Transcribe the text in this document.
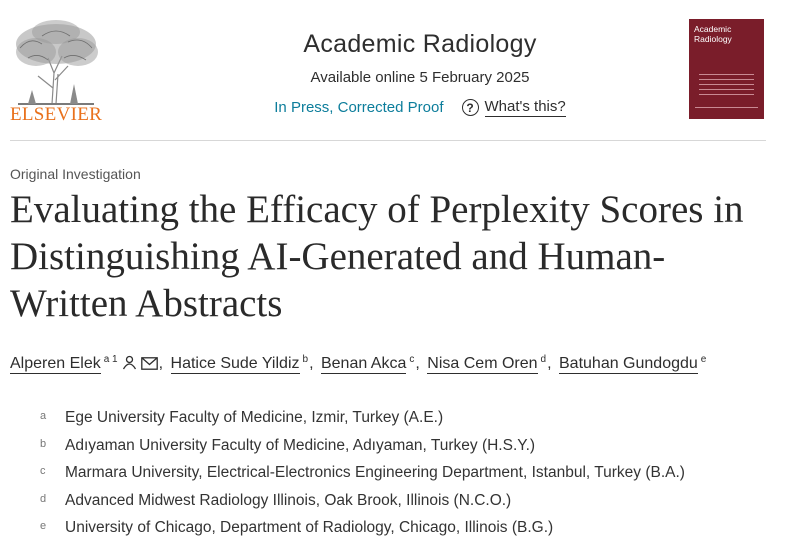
ELSEVIER
Academic Radiology
Available online 5 February 2025
In Press, Corrected Proof	? What's this?
Academic Radiology
Original Investigation
Evaluating the Efficacy of Perplexity Scores in Distinguishing AI-Generated and Human-Written Abstracts
Alperen Elek $^{a 1}$	, Hatice Sude Yildiz $^b$, Benan Akca $^c$, Nisa Cem Oren $^d$, Batuhan Gundogdu $^e$
a	Ege University Faculty of Medicine, Izmir, Turkey (A.E.)
b	Adıyaman University Faculty of Medicine, Adıyaman, Turkey (H.S.Y.)
c	Marmara University, Electrical-Electronics Engineering Department, Istanbul, Turkey (B.A.)
d	Advanced Midwest Radiology Illinois, Oak Brook, Illinois (N.C.O.)
e	University of Chicago, Department of Radiology, Chicago, Illinois (B.G.)
